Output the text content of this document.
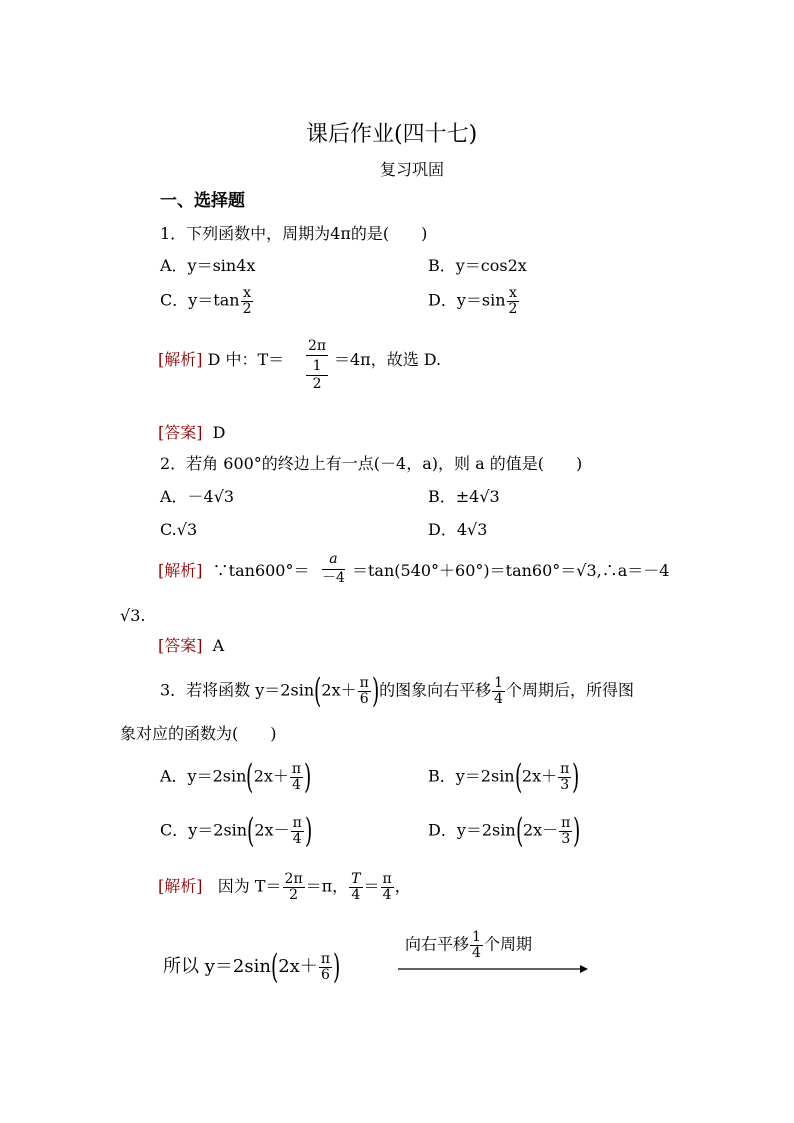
课后作业(四十七)
复习巩固
一、选择题
1．下列函数中，周期为4π的是(　　)
A．y＝sin4x	B．y＝cos2x
C．$y=\tan \frac{x}{2}$	D．$y=\sin \frac{x}{2}$
[解析] D 中：T＝
2π
1
2
＝4π，故选 D.
[答案] D
2．若角 600°的终边上有一点(－4，a)，则 a 的值是(　　)
A．－4√3	B．±4√3
C.√3	D．4√3
[解析] ∵tan600°＝ $\frac{a}{-4}$ ＝tan(540°＋60°)＝tan60°＝√3,∴a＝－4
√3.
[答案] A
3．若将函数 $y=2\sin(2x+ \frac{\pi}{6}$ )的图象向右平移 $\frac{1}{4}$ 个周期后，所得图
象对应的函数为(　　)
A．$y=2\sin(2x+ \frac{\pi}{4}$ )	B．$y=2\sin(2x+ \frac{\pi}{3}$ )
C．$y=2\sin(2x- \frac{\pi}{4}$ )	D．$y=2\sin(2x- \frac{\pi}{3}$ )
[解析] 因为 $T= \frac{2\pi}{2} =\pi$， $\frac{T}{4} = \frac{\pi}{4}$ ，
所以 $y=2\sin(2x+ \frac{\pi}{6}$ )
向右平移 $\frac{1}{4}$ 个周期
